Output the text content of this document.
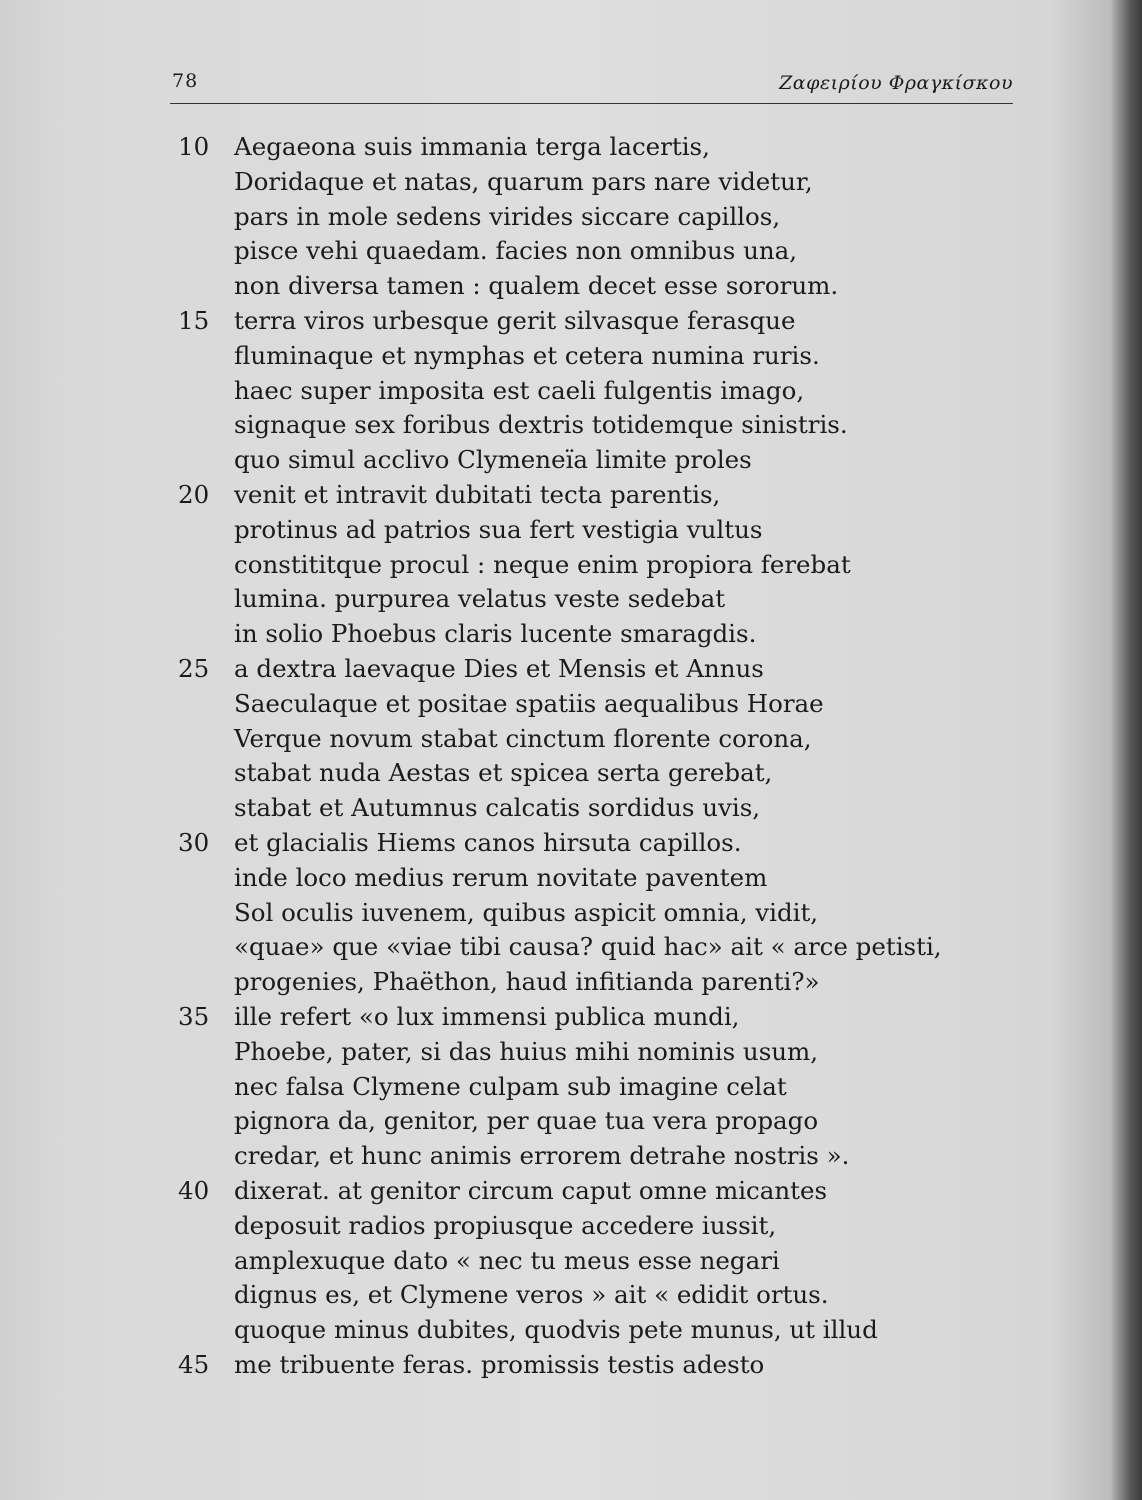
78	Ζαφειρίου Φραγκίσκου
10	Aegaeona suis immania terga lacertis,
Doridaque et natas, quarum pars nare videtur,
pars in mole sedens virides siccare capillos,
pisce vehi quaedam. facies non omnibus una,
non diversa tamen : qualem decet esse sororum.
15	terra viros urbesque gerit silvasque ferasque
fluminaque et nymphas et cetera numina ruris.
haec super imposita est caeli fulgentis imago,
signaque sex foribus dextris totidemque sinistris.
quo simul acclivo Clymeneïa limite proles
20	venit et intravit dubitati tecta parentis,
protinus ad patrios sua fert vestigia vultus
constititque procul : neque enim propiora ferebat
lumina. purpurea velatus veste sedebat
in solio Phoebus claris lucente smaragdis.
25	a dextra laevaque Dies et Mensis et Annus
Saeculaque et positae spatiis aequalibus Horae
Verque novum stabat cinctum florente corona,
stabat nuda Aestas et spicea serta gerebat,
stabat et Autumnus calcatis sordidus uvis,
30	et glacialis Hiems canos hirsuta capillos.
inde loco medius rerum novitate paventem
Sol oculis iuvenem, quibus aspicit omnia, vidit,
«quae» que «viae tibi causa? quid hac» ait « arce petisti,
progenies, Phaëthon, haud infitianda parenti?»
35	ille refert «o lux immensi publica mundi,
Phoebe, pater, si das huius mihi nominis usum,
nec falsa Clymene culpam sub imagine celat
pignora da, genitor, per quae tua vera propago
credar, et hunc animis errorem detrahe nostris ».
40	dixerat. at genitor circum caput omne micantes
deposuit radios propiusque accedere iussit,
amplexuque dato « nec tu meus esse negari
dignus es, et Clymene veros » ait « edidit ortus.
quoque minus dubites, quodvis pete munus, ut illud
45	me tribuente feras. promissis testis adesto
